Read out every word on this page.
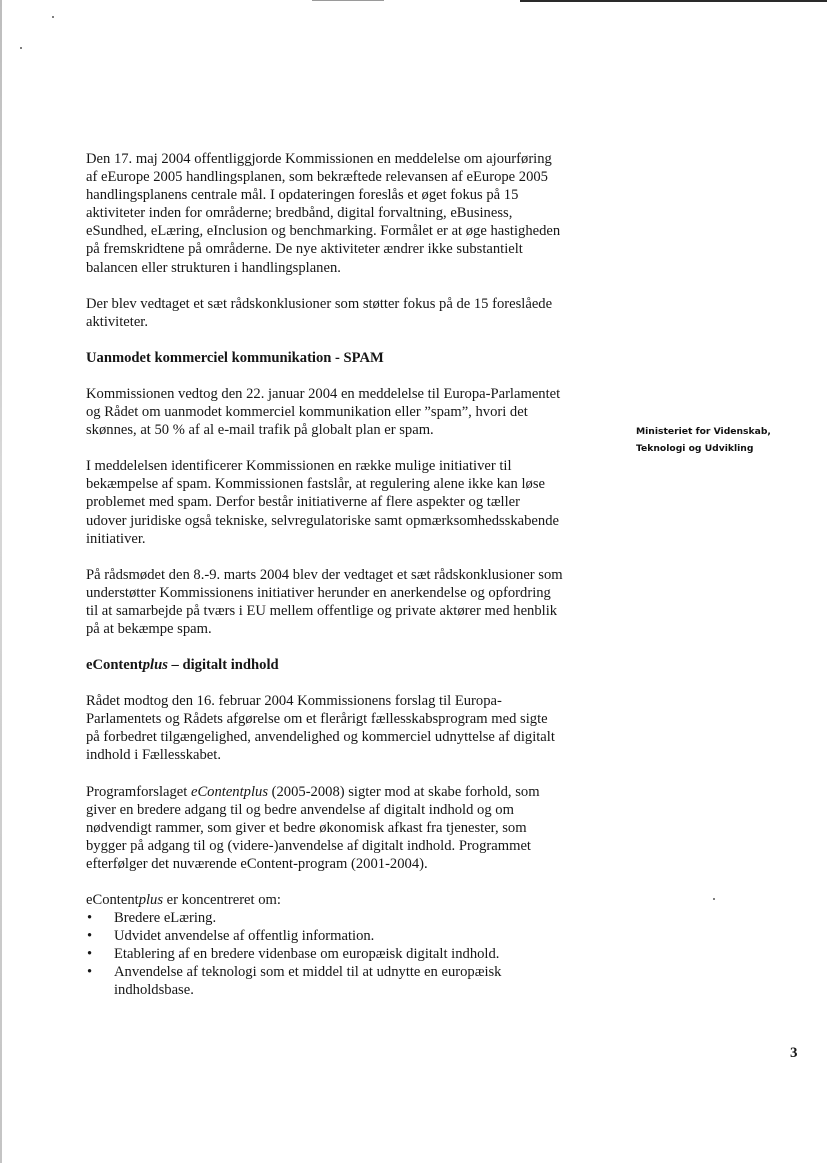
Ministeriet for Videnskab,
Teknologi og Udvikling

Den 17. maj 2004 offentliggjorde Kommissionen en meddelelse om ajourføring
af eEurope 2005 handlingsplanen, som bekræftede relevansen af eEurope 2005
handlingsplanens centrale mål. I opdateringen foreslås et øget fokus på 15
aktiviteter inden for områderne; bredbånd, digital forvaltning, eBusiness,
eSundhed, eLæring, eInclusion og benchmarking. Formålet er at øge hastigheden
på fremskridtene på områderne. De nye aktiviteter ændrer ikke substantielt
balancen eller strukturen i handlingsplanen.

Der blev vedtaget et sæt rådskonklusioner som støtter fokus på de 15 foreslåede
aktiviteter.

Uanmodet kommerciel kommunikation - SPAM

Kommissionen vedtog den 22. januar 2004 en meddelelse til Europa-Parlamentet
og Rådet om uanmodet kommerciel kommunikation eller ”spam”, hvori det
skønnes, at 50 % af al e-mail trafik på globalt plan er spam.

I meddelelsen identificerer Kommissionen en række mulige initiativer til
bekæmpelse af spam. Kommissionen fastslår, at regulering alene ikke kan løse
problemet med spam. Derfor består initiativerne af flere aspekter og tæller
udover juridiske også tekniske, selvregulatoriske samt opmærksomhedsskabende
initiativer.

På rådsmødet den 8.-9. marts 2004 blev der vedtaget et sæt rådskonklusioner som
understøtter Kommissionens initiativer herunder en anerkendelse og opfordring
til at samarbejde på tværs i EU mellem offentlige og private aktører med henblik
på at bekæmpe spam.

eContentplus – digitalt indhold

Rådet modtog den 16. februar 2004 Kommissionens forslag til Europa-
Parlamentets og Rådets afgørelse om et flerårigt fællesskabsprogram med sigte
på forbedret tilgængelighed, anvendelighed og kommerciel udnyttelse af digitalt
indhold i Fællesskabet.

Programforslaget eContentplus (2005-2008) sigter mod at skabe forhold, som
giver en bredere adgang til og bedre anvendelse af digitalt indhold og om
nødvendigt rammer, som giver et bedre økonomisk afkast fra tjenester, som
bygger på adgang til og (videre-)anvendelse af digitalt indhold. Programmet
efterfølger det nuværende eContent-program (2001-2004).

eContentplus er koncentreret om:

• Bredere eLæring.
• Udvidet anvendelse af offentlig information.
• Etablering af en bredere videnbase om europæisk digitalt indhold.
• Anvendelse af teknologi som et middel til at udnytte en europæisk
indholdsbase.
3
